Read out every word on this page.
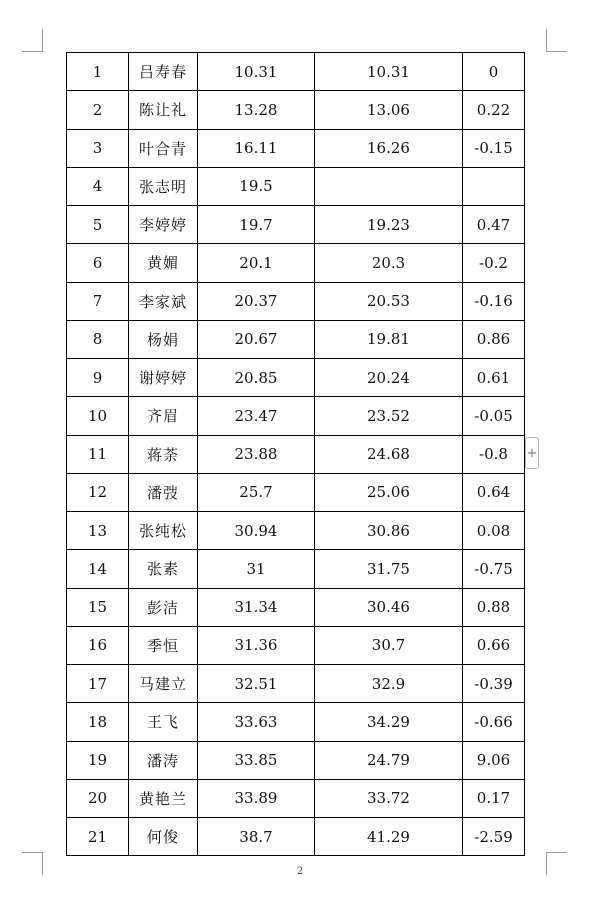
1	吕寿春	10.31	10.31	0
2	陈让礼	13.28	13.06	0.22
3	叶合青	16.11	16.26	-0.15
4	张志明	19.5		
5	李婷婷	19.7	19.23	0.47
6	黄媚	20.1	20.3	-0.2
7	李家斌	20.37	20.53	-0.16
8	杨娟	20.67	19.81	0.86
9	谢婷婷	20.85	20.24	0.61
10	齐眉	23.47	23.52	-0.05
11	蒋荼	23.88	24.68	-0.8
12	潘弢	25.7	25.06	0.64
13	张纯松	30.94	30.86	0.08
14	张素	31	31.75	-0.75
15	彭洁	31.34	30.46	0.88
16	季恒	31.36	30.7	0.66
17	马建立	32.51	32.9	-0.39
18	王飞	33.63	34.29	-0.66
19	潘涛	33.85	24.79	9.06
20	黄艳兰	33.89	33.72	0.17
21	何俊	38.7	41.29	-2.59
+
2
